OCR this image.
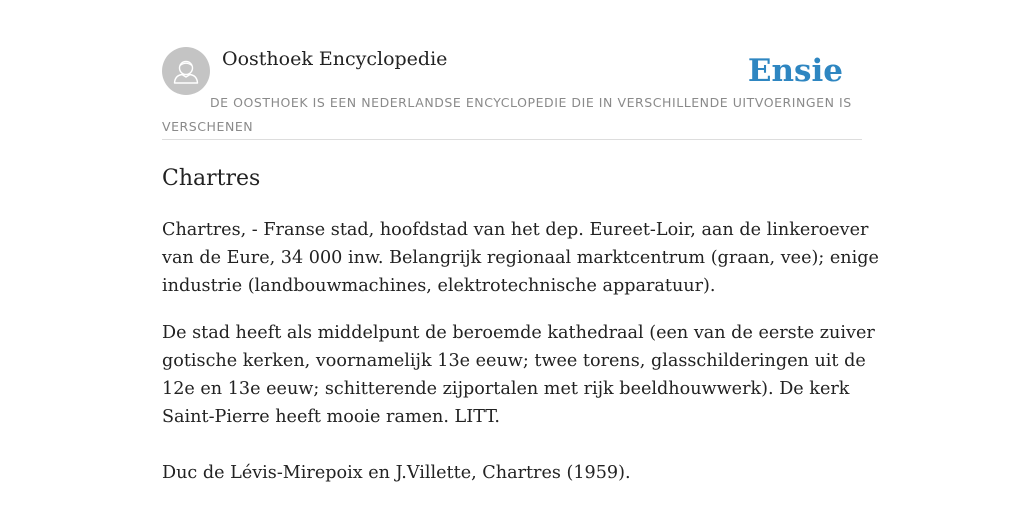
Oosthoek Encyclopedie	Ensie
DE OOSTHOEK IS EEN NEDERLANDSE ENCYCLOPEDIE DIE IN VERSCHILLENDE UITVOERINGEN IS VERSCHENEN
Chartres

Chartres, - Franse stad, hoofdstad van het dep. Eureet-Loir, aan de linkeroever
van de Eure, 34 000 inw. Belangrijk regionaal marktcentrum (graan, vee); enige
industrie (landbouwmachines, elektrotechnische apparatuur).

De stad heeft als middelpunt de beroemde kathedraal (een van de eerste zuiver
gotische kerken, voornamelijk 13e eeuw; twee torens, glasschilderingen uit de
12e en 13e eeuw; schitterende zijportalen met rijk beeldhouwwerk). De kerk
Saint-Pierre heeft mooie ramen. LITT.

Duc de Lévis-Mirepoix en J.Villette, Chartres (1959).
